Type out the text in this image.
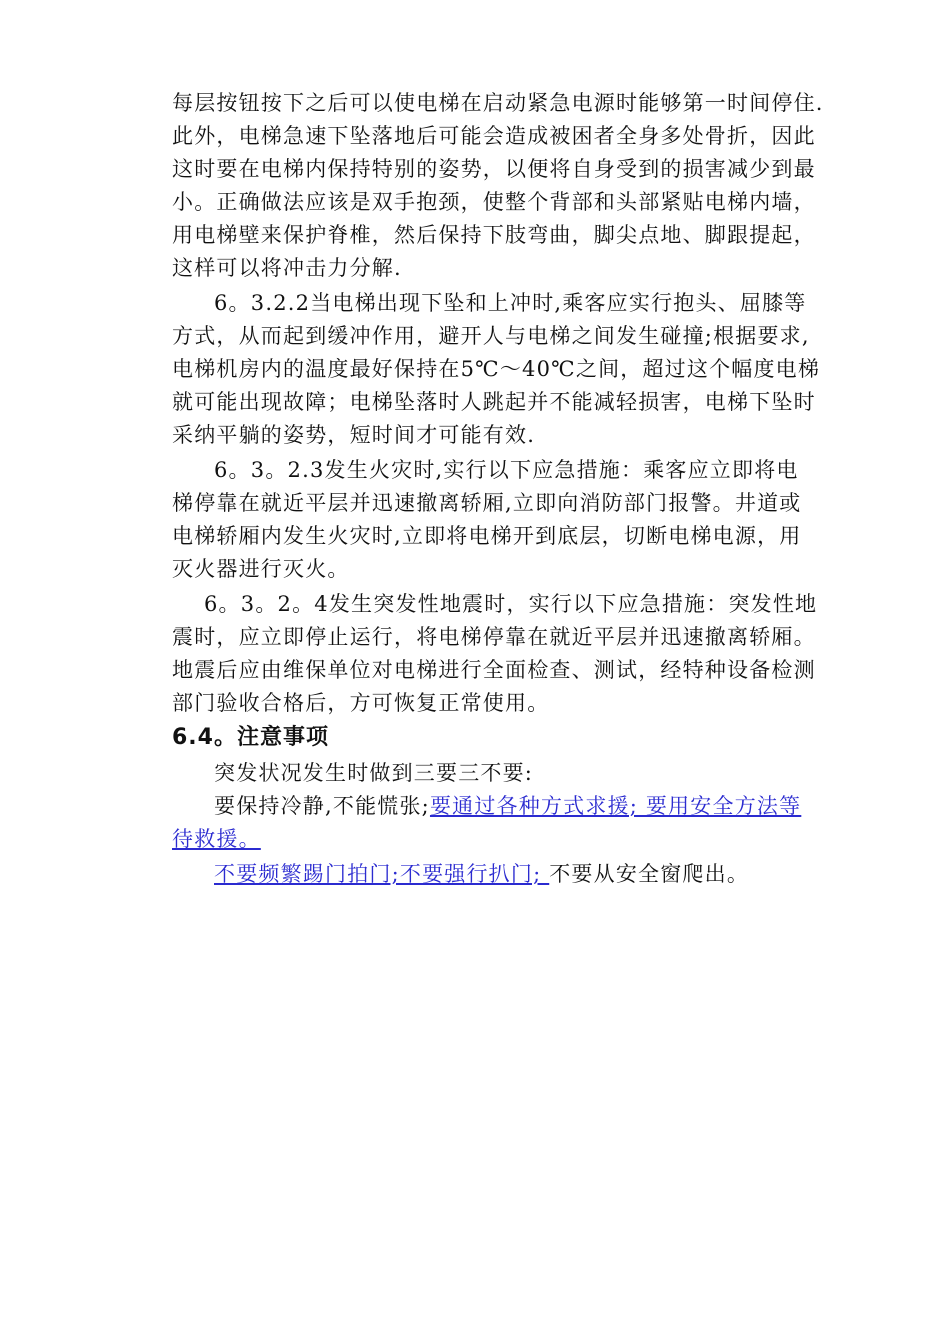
每层按钮按下之后可以使电梯在启动紧急电源时能够第一时间停住.
此外，电梯急速下坠落地后可能会造成被困者全身多处骨折，因此
这时要在电梯内保持特别的姿势，以便将自身受到的损害减少到最
小。正确做法应该是双手抱颈，使整个背部和头部紧贴电梯内墙，
用电梯壁来保护脊椎，然后保持下肢弯曲，脚尖点地、脚跟提起，
这样可以将冲击力分解.
6。3.2.2当电梯出现下坠和上冲时,乘客应实行抱头、屈膝等
方式，从而起到缓冲作用，避开人与电梯之间发生碰撞;根据要求,
电梯机房内的温度最好保持在5℃～40℃之间，超过这个幅度电梯
就可能出现故障；电梯坠落时人跳起并不能减轻损害，电梯下坠时
采纳平躺的姿势，短时间才可能有效.
6。3。2.3发生火灾时,实行以下应急措施：乘客应立即将电
梯停靠在就近平层并迅速撤离轿厢,立即向消防部门报警。井道或
电梯轿厢内发生火灾时,立即将电梯开到底层，切断电梯电源，用
灭火器进行灭火。
6。3。2。4发生突发性地震时，实行以下应急措施：突发性地
震时，应立即停止运行，将电梯停靠在就近平层并迅速撤离轿厢。
地震后应由维保单位对电梯进行全面检查、测试，经特种设备检测
部门验收合格后，方可恢复正常使用。
6.4。注意事项
突发状况发生时做到三要三不要:
要保持冷静,不能慌张;要通过各种方式求援; 要用安全方法等
待救援。
不要频繁踢门拍门;不要强行扒门; 不要从安全窗爬出。
